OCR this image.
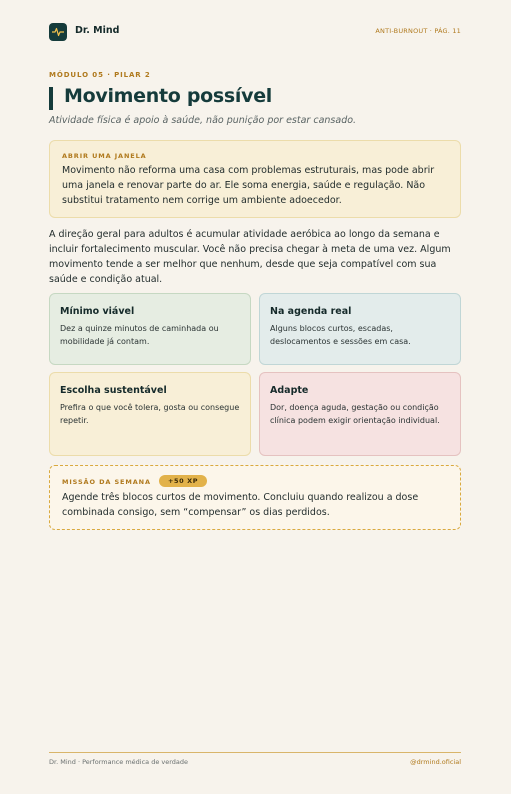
Dr. Mind	ANTI-BURNOUT · PÁG. 11
MÓDULO 05 · PILAR 2
Movimento possível
Atividade física é apoio à saúde, não punição por estar cansado.
ABRIR UMA JANELA
Movimento não reforma uma casa com problemas estruturais, mas pode abrir uma janela e renovar parte do ar. Ele soma energia, saúde e regulação. Não substitui tratamento nem corrige um ambiente adoecedor.
A direção geral para adultos é acumular atividade aeróbica ao longo da semana e incluir fortalecimento muscular. Você não precisa chegar à meta de uma vez. Algum movimento tende a ser melhor que nenhum, desde que seja compatível com sua saúde e condição atual.
Mínimo viável
Dez a quinze minutos de caminhada ou mobilidade já contam.
Na agenda real
Alguns blocos curtos, escadas, deslocamentos e sessões em casa.
Escolha sustentável
Prefira o que você tolera, gosta ou consegue repetir.
Adapte
Dor, doença aguda, gestação ou condição clínica podem exigir orientação individual.
MISSÃO DA SEMANA	+50 XP
Agende três blocos curtos de movimento. Concluiu quando realizou a dose combinada consigo, sem “compensar” os dias perdidos.
Dr. Mind · Performance médica de verdade	@drmind.oficial
